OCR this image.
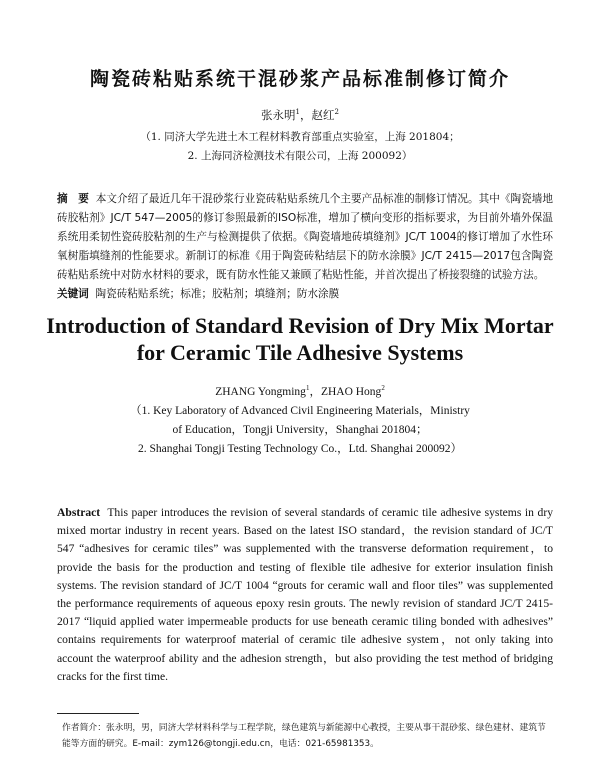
陶瓷砖粘贴系统干混砂浆产品标准制修订简介
张永明$^1$，赵红$^2$
（1. 同济大学先进土木工程材料教育部重点实验室，上海 201804；
2. 上海同济检测技术有限公司，上海 200092）
摘　要 本文介绍了最近几年干混砂浆行业瓷砖粘贴系统几个主要产品标准的制修订情况。其中《陶瓷墙地砖胶粘剂》JC/T 547—2005的修订参照最新的ISO标准，增加了横向变形的指标要求，为目前外墙外保温系统用柔韧性瓷砖胶粘剂的生产与检测提供了依据。《陶瓷墙地砖填缝剂》JC/T 1004的修订增加了水性环氧树脂填缝剂的性能要求。新制订的标准《用于陶瓷砖粘结层下的防水涂膜》JC/T 2415—2017包含陶瓷砖粘贴系统中对防水材料的要求，既有防水性能又兼顾了粘贴性能，并首次提出了桥接裂缝的试验方法。
关键词 陶瓷砖粘贴系统；标准；胶粘剂；填缝剂；防水涂膜
Introduction of Standard Revision of Dry Mix Mortar
for Ceramic Tile Adhesive Systems
ZHANG Yongming$^1$，ZHAO Hong$^2$
（1. Key Laboratory of Advanced Civil Engineering Materials，Ministry
of Education，Tongji University，Shanghai 201804；
2. Shanghai Tongji Testing Technology Co.，Ltd. Shanghai 200092）
Abstract This paper introduces the revision of several standards of ceramic tile adhesive systems in dry mixed mortar industry in recent years. Based on the latest ISO standard，the revision standard of JC/T 547 “adhesives for ceramic tiles” was supplemented with the transverse deformation requirement，to provide the basis for the production and testing of flexible tile adhesive for exterior insulation finish systems. The revision standard of JC/T 1004 “grouts for ceramic wall and floor tiles” was supplemented the performance requirements of aqueous epoxy resin grouts. The newly revision of standard JC/T 2415-2017 “liquid applied water impermeable products for use beneath ceramic tiling bonded with adhesives” contains requirements for waterproof material of ceramic tile adhesive system，not only taking into account the waterproof ability and the adhesion strength，but also providing the test method of bridging cracks for the first time.
作者简介：张永明，男，同济大学材料科学与工程学院，绿色建筑与新能源中心教授，主要从事干混砂浆、绿色建材、建筑节能等方面的研究。E-mail：zym126@tongji.edu.cn，电话：021-65981353。
